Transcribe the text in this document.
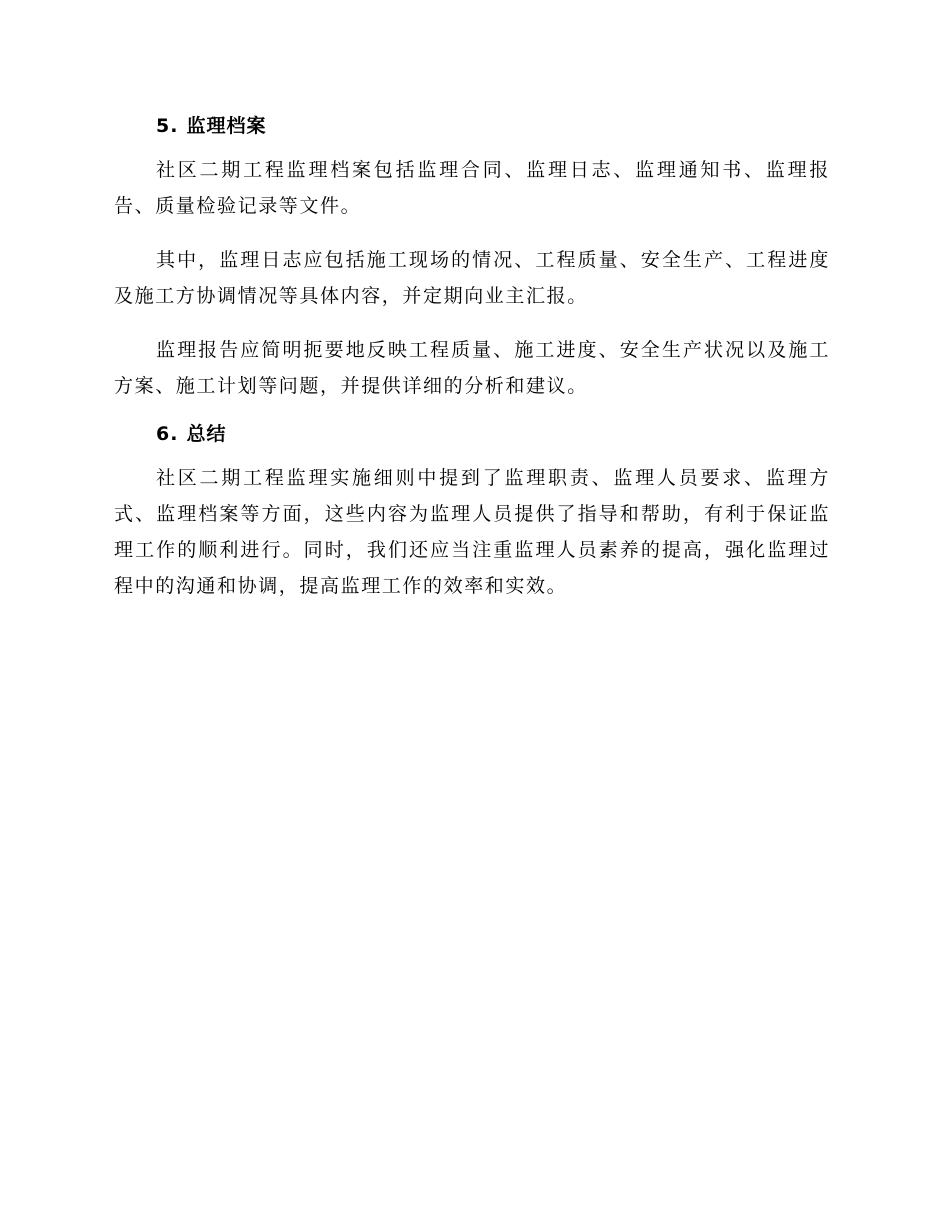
5. 监理档案

社区二期工程监理档案包括监理合同、监理日志、监理通知书、监理报告、质量检验记录等文件。

其中，监理日志应包括施工现场的情况、工程质量、安全生产、工程进度及施工方协调情况等具体内容，并定期向业主汇报。

监理报告应简明扼要地反映工程质量、施工进度、安全生产状况以及施工方案、施工计划等问题，并提供详细的分析和建议。

6. 总结

社区二期工程监理实施细则中提到了监理职责、监理人员要求、监理方式、监理档案等方面，这些内容为监理人员提供了指导和帮助，有利于保证监理工作的顺利进行。同时，我们还应当注重监理人员素养的提高，强化监理过程中的沟通和协调，提高监理工作的效率和实效。
